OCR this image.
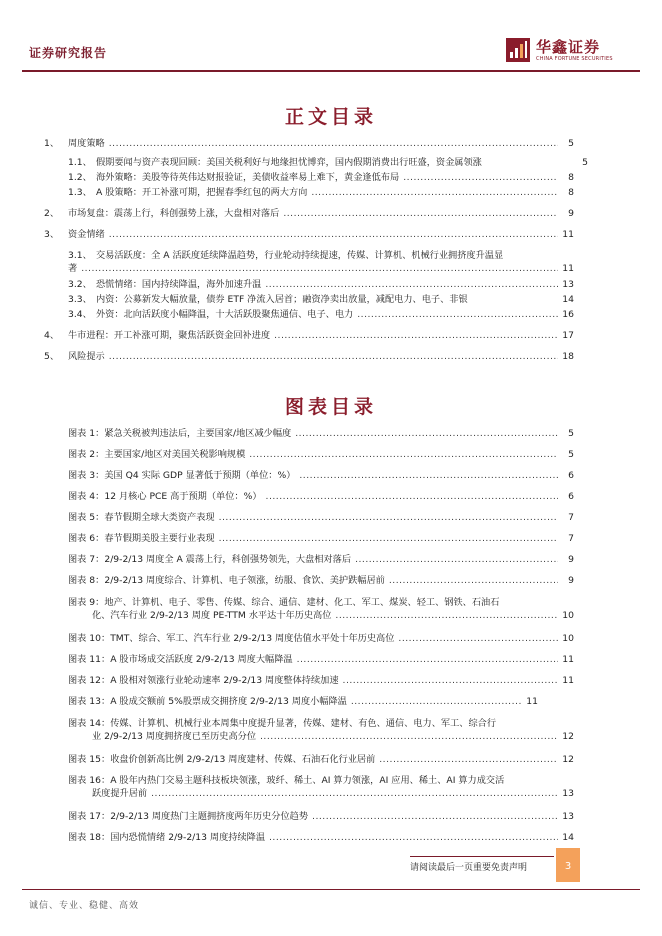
证券研究报告	华鑫证券
CHINA FORTUNE SECURITIES
正文目录
1、 周度策略 .....	5
1.1、 假期要闻与资产表现回顾：美国关税利好与地缘担忧博弈，国内假期消费出行旺盛，资金属领涨	5
1.2、 海外策略：美股等待英伟达财报验证，美债收益率易上难下，黄金逢低布局 .....	8
1.3、 A 股策略：开工补涨可期，把握春季红包的两大方向 .....	8
2、 市场复盘：震荡上行，科创强势上涨，大盘相对落后 .....	9
3、 资金情绪 .....	11
3.1、 交易活跃度：全 A 活跃度延续降温趋势，行业轮动持续提速，传媒、计算机、机械行业拥挤度升温显
著 .....	11
3.2、 恐慌情绪：国内持续降温，海外加速升温 .....	13
3.3、 内资：公募新发大幅放量，债券 ETF 净流入居首；融资净卖出放量，减配电力、电子、非银	14
3.4、 外资：北向活跃度小幅降温，十大活跃股聚焦通信、电子、电力 .....	16
4、 牛市进程：开工补涨可期，聚焦活跃资金回补进度 .....	17
5、 风险提示 .....	18
图表目录
图表 1： 紧急关税被判违法后，主要国家/地区减少幅度 .....	5
图表 2： 主要国家/地区对美国关税影响规模 .....	5
图表 3： 美国 Q4 实际 GDP 显著低于预期（单位：%） .....	6
图表 4： 12 月核心 PCE 高于预期（单位：%） .....	6
图表 5： 春节假期全球大类资产表现 .....	7
图表 6： 春节假期美股主要行业表现 .....	7
图表 7： 2/9-2/13 周度全 A 震荡上行，科创强势领先，大盘相对落后 .....	9
图表 8： 2/9-2/13 周度综合、计算机、电子领涨，纺服、食饮、美护跌幅居前 .....	9
图表 9：地产、计算机、电子、零售、传媒、综合、通信、建材、化工、军工、煤炭、轻工、钢铁、石油石
化、汽车行业 2/9-2/13 周度 PE-TTM 水平达十年历史高位 .....	10
图表 10： TMT、综合、军工、汽车行业 2/9-2/13 周度估值水平处十年历史高位 .....	10
图表 11： A 股市场成交活跃度 2/9-2/13 周度大幅降温 .....	11
图表 12： A 股相对领涨行业轮动速率 2/9-2/13 周度整体持续加速 .....	11
图表 13： A 股成交额前 5%股票成交拥挤度 2/9-2/13 周度小幅降温 .....	11
图表 14：传媒、计算机、机械行业本周集中度提升显著，传媒、建材、有色、通信、电力、军工、综合行
业 2/9-2/13 周度拥挤度已至历史高分位 .....	12
图表 15： 收盘价创新高比例 2/9-2/13 周度建材、传媒、石油石化行业居前 .....	12
图表 16：A 股年内热门交易主题科技板块领涨，玻纤、稀土、AI 算力领涨，AI 应用、稀土、AI 算力成交活
跃度提升居前 .....	13
图表 17： 2/9-2/13 周度热门主题拥挤度两年历史分位趋势 .....	13
图表 18： 国内恐慌情绪 2/9-2/13 周度持续降温 .....	14
请阅读最后一页重要免责声明	3
诚信、专业、稳健、高效
